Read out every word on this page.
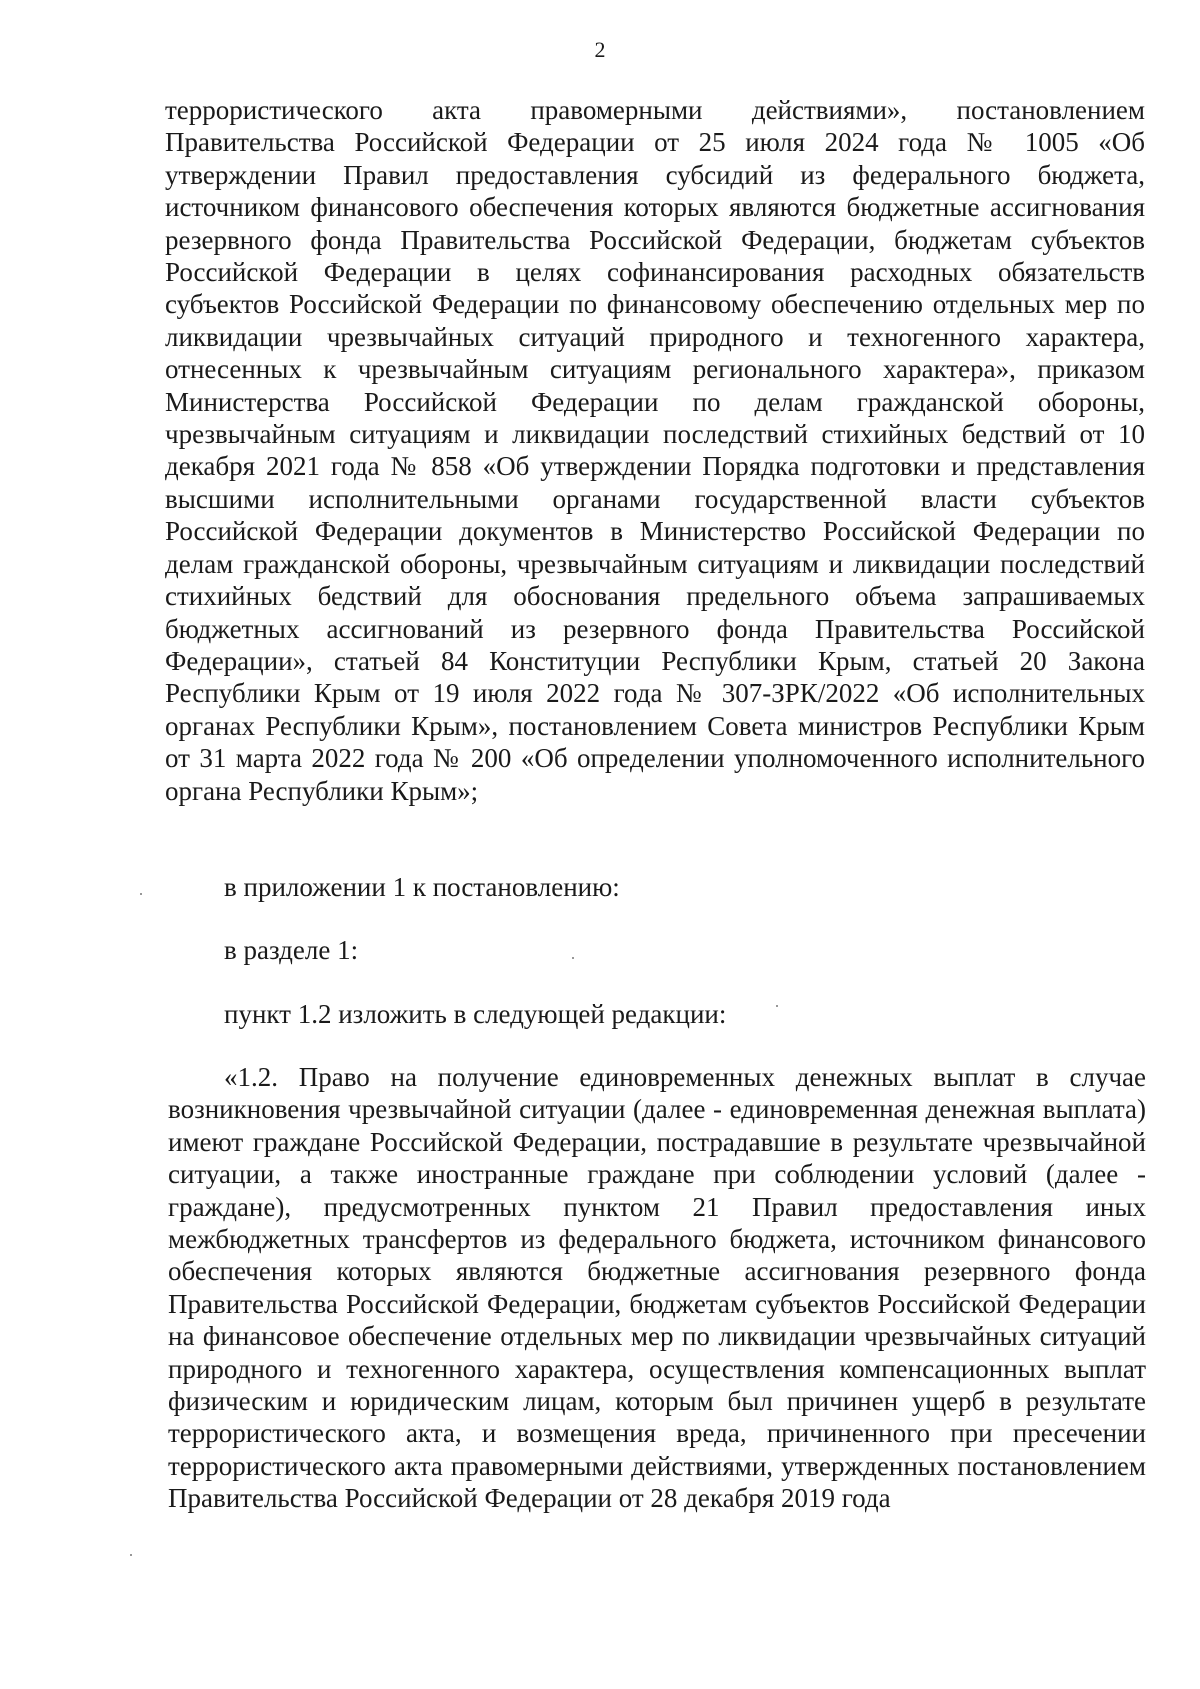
2

террористического акта правомерными действиями», постановлением Правительства Российской Федерации от 25 июля 2024 года № 1005 «Об утверждении Правил предоставления субсидий из федерального бюджета, источником финансового обеспечения которых являются бюджетные ассигнования резервного фонда Правительства Российской Федерации, бюджетам субъектов Российской Федерации в целях софинансирования расходных обязательств субъектов Российской Федерации по финансовому обеспечению отдельных мер по ликвидации чрезвычайных ситуаций природного и техногенного характера, отнесенных к чрезвычайным ситуациям регионального характера», приказом Министерства Российской Федерации по делам гражданской обороны, чрезвычайным ситуациям и ликвидации последствий стихийных бедствий от 10 декабря 2021 года № 858 «Об утверждении Порядка подготовки и представления высшими исполнительными органами государственной власти субъектов Российской Федерации документов в Министерство Российской Федерации по делам гражданской обороны, чрезвычайным ситуациям и ликвидации последствий стихийных бедствий для обоснования предельного объема запрашиваемых бюджетных ассигнований из резервного фонда Правительства Российской Федерации», статьей 84 Конституции Республики Крым, статьей 20 Закона Республики Крым от 19 июля 2022 года № 307-ЗРК/2022 «Об исполнительных органах Республики Крым», постановлением Совета министров Республики Крым от 31 марта 2022 года № 200 «Об определении уполномоченного исполнительного органа Республики Крым»;

в приложении 1 к постановлению:

в разделе 1:

пункт 1.2 изложить в следующей редакции:

«1.2. Право на получение единовременных денежных выплат в случае возникновения чрезвычайной ситуации (далее - единовременная денежная выплата) имеют граждане Российской Федерации, пострадавшие в результате чрезвычайной ситуации, а также иностранные граждане при соблюдении условий (далее - граждане), предусмотренных пунктом 21 Правил предоставления иных межбюджетных трансфертов из федерального бюджета, источником финансового обеспечения которых являются бюджетные ассигнования резервного фонда Правительства Российской Федерации, бюджетам субъектов Российской Федерации на финансовое обеспечение отдельных мер по ликвидации чрезвычайных ситуаций природного и техногенного характера, осуществления компенсационных выплат физическим и юридическим лицам, которым был причинен ущерб в результате террористического акта, и возмещения вреда, причиненного при пресечении террористического акта правомерными действиями, утвержденных постановлением Правительства Российской Федерации от 28 декабря 2019 года
